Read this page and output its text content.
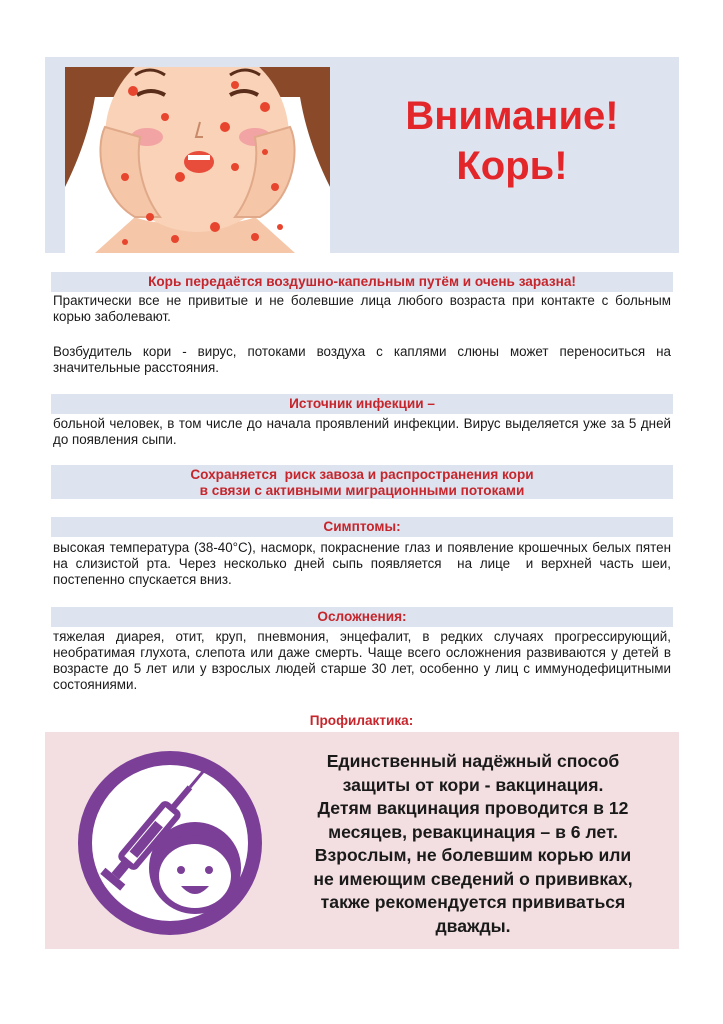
Внимание!
Корь!
Корь передаётся воздушно-капельным путём и очень заразна!

Практически все не привитые и не болевшие лица любого возраста при контакте с больным корью заболевают.

Возбудитель кори - вирус, потоками воздуха с каплями слюны может переноситься на значительные расстояния.

Источник инфекции –

больной человек, в том числе до начала проявлений инфекции. Вирус выделяется уже за 5 дней до появления сыпи.

Сохраняется  риск завоза и распространения кори
в связи с активными миграционными потоками
Симптомы:

высокая температура (38-40°С), насморк, покраснение глаз и появление крошечных белых пятен на слизистой рта. Через несколько дней сыпь появляется  на лице  и верхней часть шеи,  постепенно спускается вниз.

Осложнения:

тяжелая диарея, отит, круп, пневмония, энцефалит, в редких случаях прогрессирующий, необратимая глухота, слепота или даже смерть. Чаще всего осложнения развиваются у детей в возрасте до 5 лет или у взрослых людей старше 30 лет, особенно у лиц с иммунодефицитными состояниями.

Профилактика:
Единственный надёжный способ
защиты от кори - вакцинация.
Детям вакцинация проводится в 12
месяцев, ревакцинация – в 6 лет.
Взрослым, не болевшим корью или
не имеющим сведений о прививках,
также рекомендуется прививаться
дважды.
